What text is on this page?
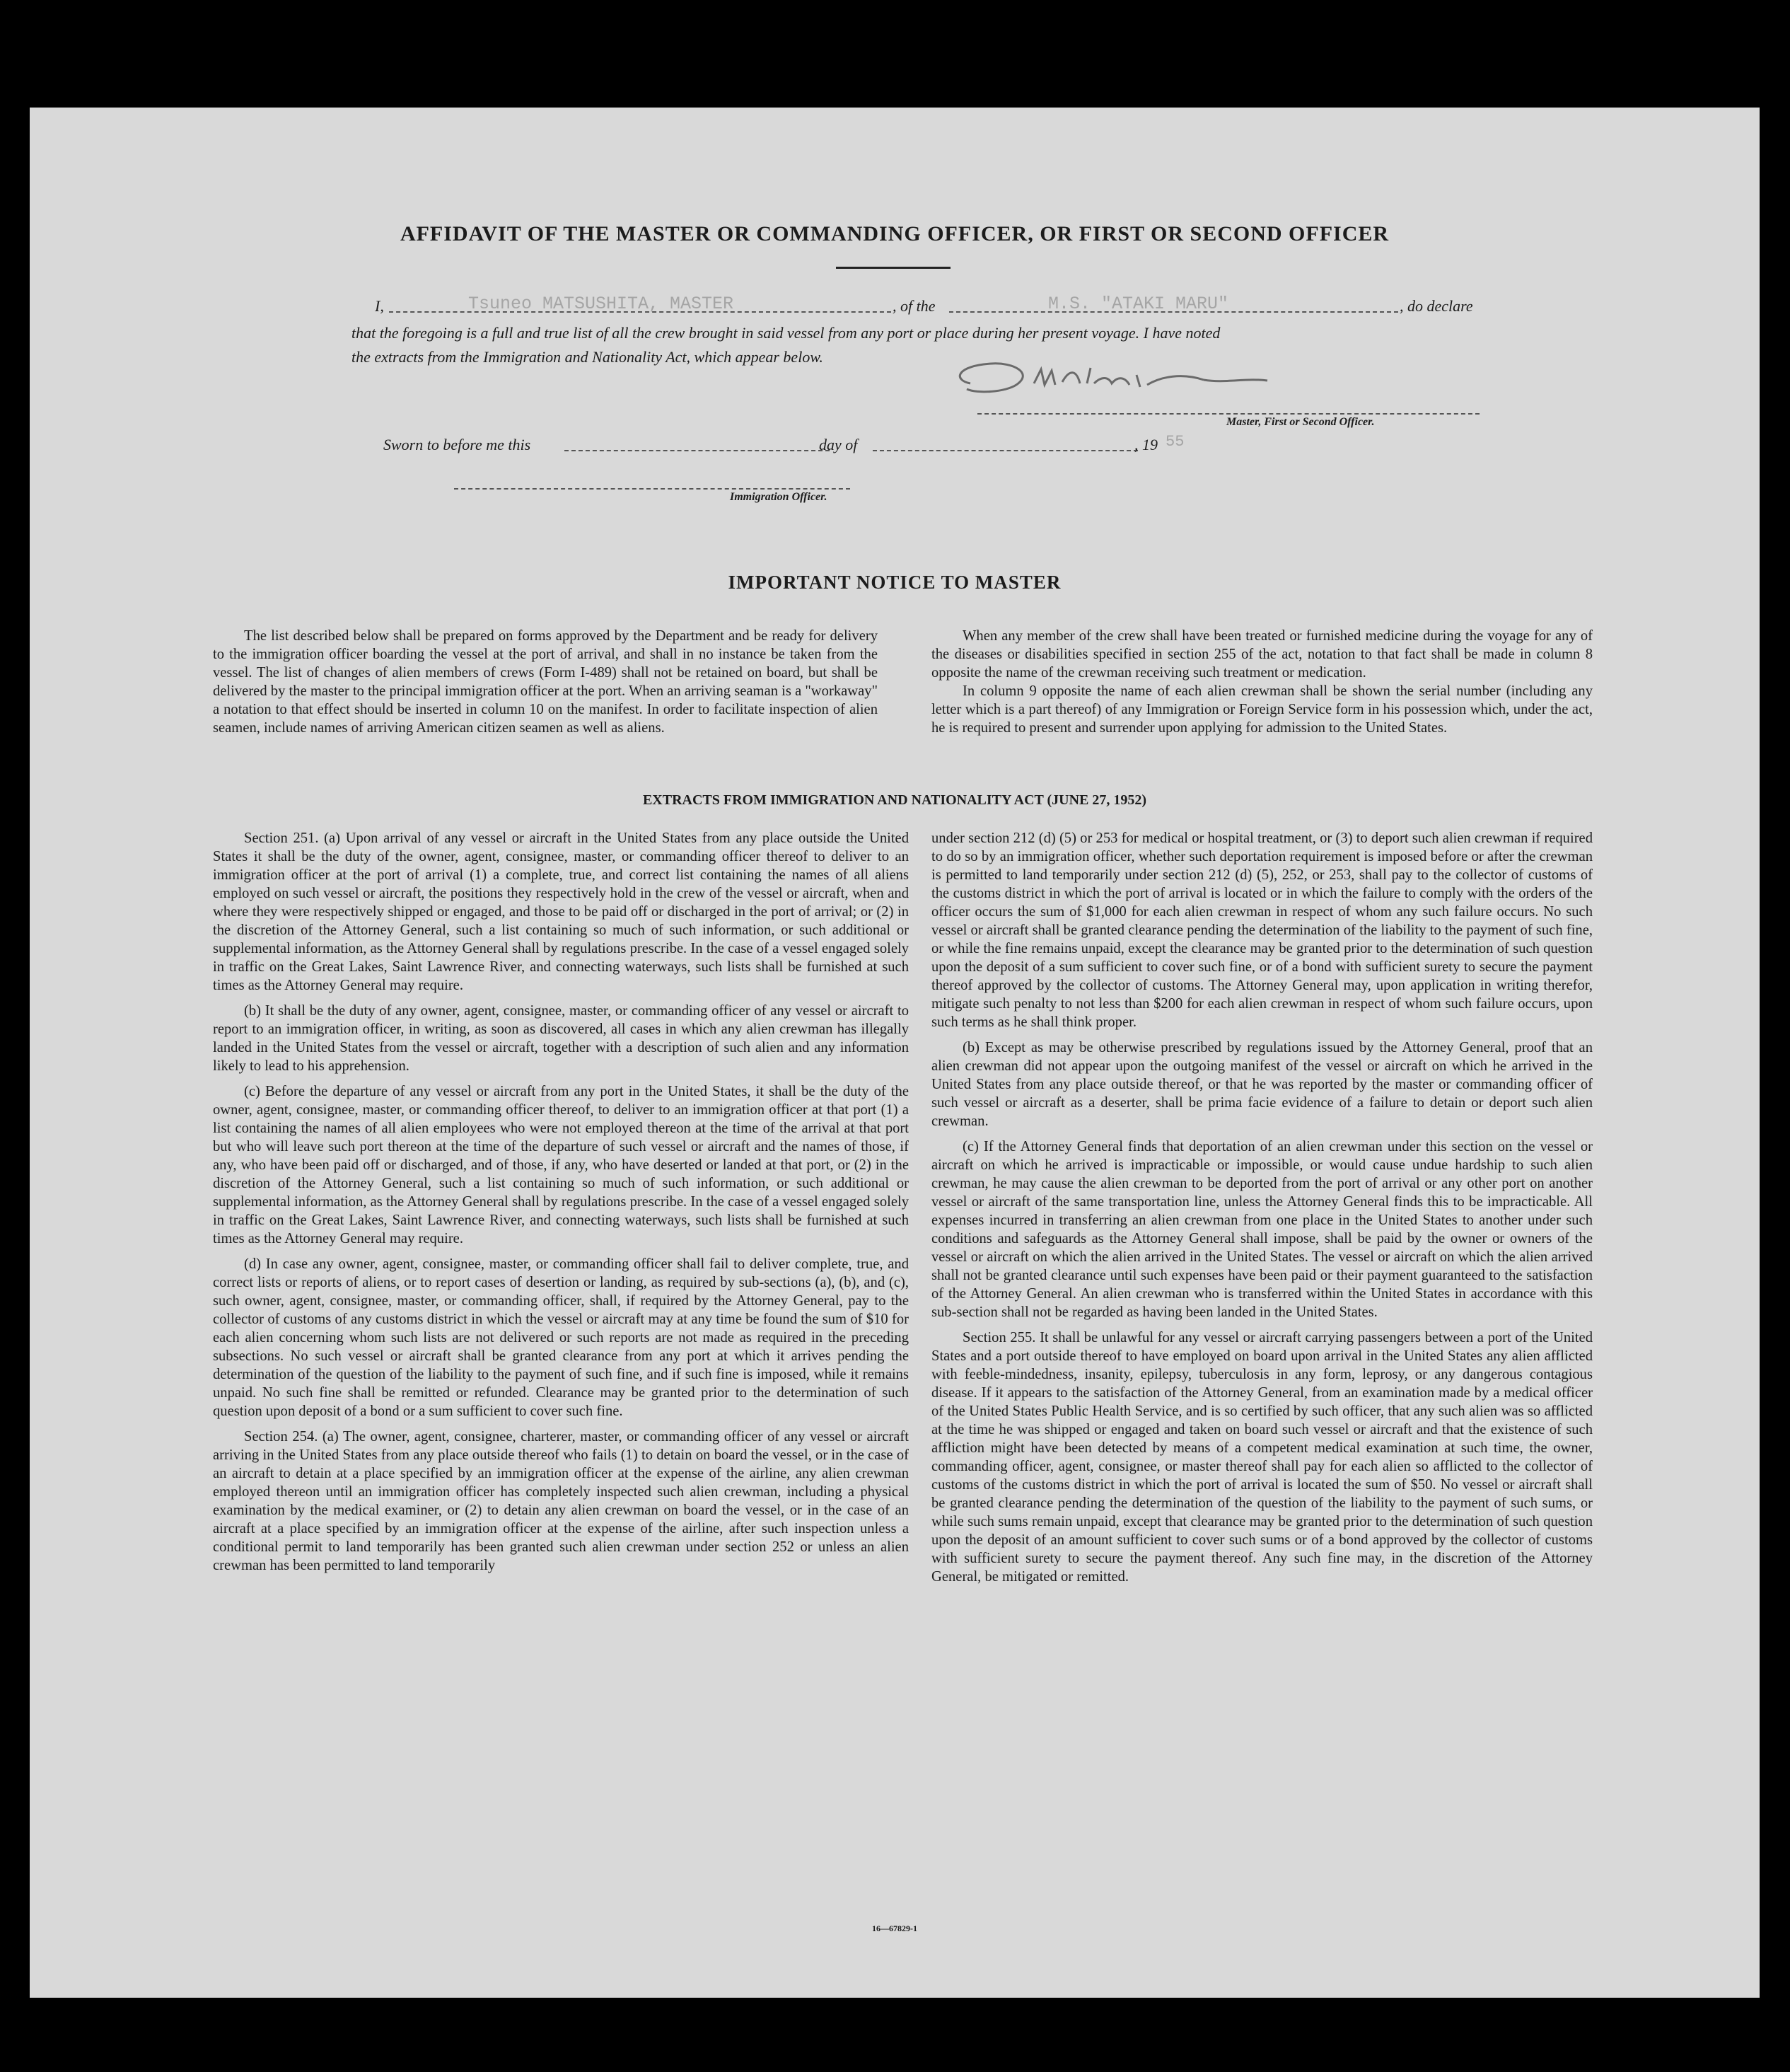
AFFIDAVIT OF THE MASTER OR COMMANDING OFFICER, OR FIRST OR SECOND OFFICER
I,	Tsuneo MATSUSHITA, MASTER	, of the	M.S. "ATAKI MARU"	, do declare
that the foregoing is a full and true list of all the crew brought in said vessel from any port or place during her present voyage. I have noted
the extracts from the Immigration and Nationality Act, which appear below.
Master, First or Second Officer.
Sworn to before me this	day of	, 19 55
Immigration Officer.
IMPORTANT NOTICE TO MASTER

The list described below shall be prepared on forms approved by the Department and be ready for delivery to the immigration officer boarding the vessel at the port of arrival, and shall in no instance be taken from the vessel. The list of changes of alien members of crews (Form I-489) shall not be retained on board, but shall be delivered by the master to the principal immigration officer at the port. When an arriving seaman is a "workaway" a notation to that effect should be inserted in column 10 on the manifest. In order to facilitate inspection of alien seamen, include names of arriving American citizen seamen as well as aliens.

When any member of the crew shall have been treated or furnished medicine during the voyage for any of the diseases or disabilities specified in section 255 of the act, notation to that fact shall be made in column 8 opposite the name of the crewman receiving such treatment or medication.

In column 9 opposite the name of each alien crewman shall be shown the serial number (including any letter which is a part thereof) of any Immigration or Foreign Service form in his possession which, under the act, he is required to present and surrender upon applying for admission to the United States.

EXTRACTS FROM IMMIGRATION AND NATIONALITY ACT (JUNE 27, 1952)

Section 251. (a) Upon arrival of any vessel or aircraft in the United States from any place outside the United States it shall be the duty of the owner, agent, consignee, master, or commanding officer thereof to deliver to an immigration officer at the port of arrival (1) a complete, true, and correct list containing the names of all aliens employed on such vessel or aircraft, the positions they respectively hold in the crew of the vessel or aircraft, when and where they were respectively shipped or engaged, and those to be paid off or discharged in the port of arrival; or (2) in the discretion of the Attorney General, such a list containing so much of such information, or such additional or supplemental information, as the Attorney General shall by regulations prescribe. In the case of a vessel engaged solely in traffic on the Great Lakes, Saint Lawrence River, and connecting waterways, such lists shall be furnished at such times as the Attorney General may require.

(b) It shall be the duty of any owner, agent, consignee, master, or commanding officer of any vessel or aircraft to report to an immigration officer, in writing, as soon as discovered, all cases in which any alien crewman has illegally landed in the United States from the vessel or aircraft, together with a description of such alien and any information likely to lead to his apprehension.

(c) Before the departure of any vessel or aircraft from any port in the United States, it shall be the duty of the owner, agent, consignee, master, or commanding officer thereof, to deliver to an immigration officer at that port (1) a list containing the names of all alien employees who were not employed thereon at the time of the arrival at that port but who will leave such port thereon at the time of the departure of such vessel or aircraft and the names of those, if any, who have been paid off or discharged, and of those, if any, who have deserted or landed at that port, or (2) in the discretion of the Attorney General, such a list containing so much of such information, or such additional or supplemental information, as the Attorney General shall by regulations prescribe. In the case of a vessel engaged solely in traffic on the Great Lakes, Saint Lawrence River, and connecting waterways, such lists shall be furnished at such times as the Attorney General may require.

(d) In case any owner, agent, consignee, master, or commanding officer shall fail to deliver complete, true, and correct lists or reports of aliens, or to report cases of desertion or landing, as required by sub-sections (a), (b), and (c), such owner, agent, consignee, master, or commanding officer, shall, if required by the Attorney General, pay to the collector of customs of any customs district in which the vessel or aircraft may at any time be found the sum of $10 for each alien concerning whom such lists are not delivered or such reports are not made as required in the preceding subsections. No such vessel or aircraft shall be granted clearance from any port at which it arrives pending the determination of the question of the liability to the payment of such fine, and if such fine is imposed, while it remains unpaid. No such fine shall be remitted or refunded. Clearance may be granted prior to the determination of such question upon deposit of a bond or a sum sufficient to cover such fine.

Section 254. (a) The owner, agent, consignee, charterer, master, or commanding officer of any vessel or aircraft arriving in the United States from any place outside thereof who fails (1) to detain on board the vessel, or in the case of an aircraft to detain at a place specified by an immigration officer at the expense of the airline, any alien crewman employed thereon until an immigration officer has completely inspected such alien crewman, including a physical examination by the medical examiner, or (2) to detain any alien crewman on board the vessel, or in the case of an aircraft at a place specified by an immigration officer at the expense of the airline, after such inspection unless a conditional permit to land temporarily has been granted such alien crewman under section 252 or unless an alien crewman has been permitted to land temporarily

under section 212 (d) (5) or 253 for medical or hospital treatment, or (3) to deport such alien crewman if required to do so by an immigration officer, whether such deportation requirement is imposed before or after the crewman is permitted to land temporarily under section 212 (d) (5), 252, or 253, shall pay to the collector of customs of the customs district in which the port of arrival is located or in which the failure to comply with the orders of the officer occurs the sum of $1,000 for each alien crewman in respect of whom any such failure occurs. No such vessel or aircraft shall be granted clearance pending the determination of the liability to the payment of such fine, or while the fine remains unpaid, except the clearance may be granted prior to the determination of such question upon the deposit of a sum sufficient to cover such fine, or of a bond with sufficient surety to secure the payment thereof approved by the collector of customs. The Attorney General may, upon application in writing therefor, mitigate such penalty to not less than $200 for each alien crewman in respect of whom such failure occurs, upon such terms as he shall think proper.

(b) Except as may be otherwise prescribed by regulations issued by the Attorney General, proof that an alien crewman did not appear upon the outgoing manifest of the vessel or aircraft on which he arrived in the United States from any place outside thereof, or that he was reported by the master or commanding officer of such vessel or aircraft as a deserter, shall be prima facie evidence of a failure to detain or deport such alien crewman.

(c) If the Attorney General finds that deportation of an alien crewman under this section on the vessel or aircraft on which he arrived is impracticable or impossible, or would cause undue hardship to such alien crewman, he may cause the alien crewman to be deported from the port of arrival or any other port on another vessel or aircraft of the same transportation line, unless the Attorney General finds this to be impracticable. All expenses incurred in transferring an alien crewman from one place in the United States to another under such conditions and safeguards as the Attorney General shall impose, shall be paid by the owner or owners of the vessel or aircraft on which the alien arrived in the United States. The vessel or aircraft on which the alien arrived shall not be granted clearance until such expenses have been paid or their payment guaranteed to the satisfaction of the Attorney General. An alien crewman who is transferred within the United States in accordance with this sub-section shall not be regarded as having been landed in the United States.

Section 255. It shall be unlawful for any vessel or aircraft carrying passengers between a port of the United States and a port outside thereof to have employed on board upon arrival in the United States any alien afflicted with feeble-mindedness, insanity, epilepsy, tuberculosis in any form, leprosy, or any dangerous contagious disease. If it appears to the satisfaction of the Attorney General, from an examination made by a medical officer of the United States Public Health Service, and is so certified by such officer, that any such alien was so afflicted at the time he was shipped or engaged and taken on board such vessel or aircraft and that the existence of such affliction might have been detected by means of a competent medical examination at such time, the owner, commanding officer, agent, consignee, or master thereof shall pay for each alien so afflicted to the collector of customs of the customs district in which the port of arrival is located the sum of $50. No vessel or aircraft shall be granted clearance pending the determination of the question of the liability to the payment of such sums, or while such sums remain unpaid, except that clearance may be granted prior to the determination of such question upon the deposit of an amount sufficient to cover such sums or of a bond approved by the collector of customs with sufficient surety to secure the payment thereof. Any such fine may, in the discretion of the Attorney General, be mitigated or remitted.

16—67829-1
